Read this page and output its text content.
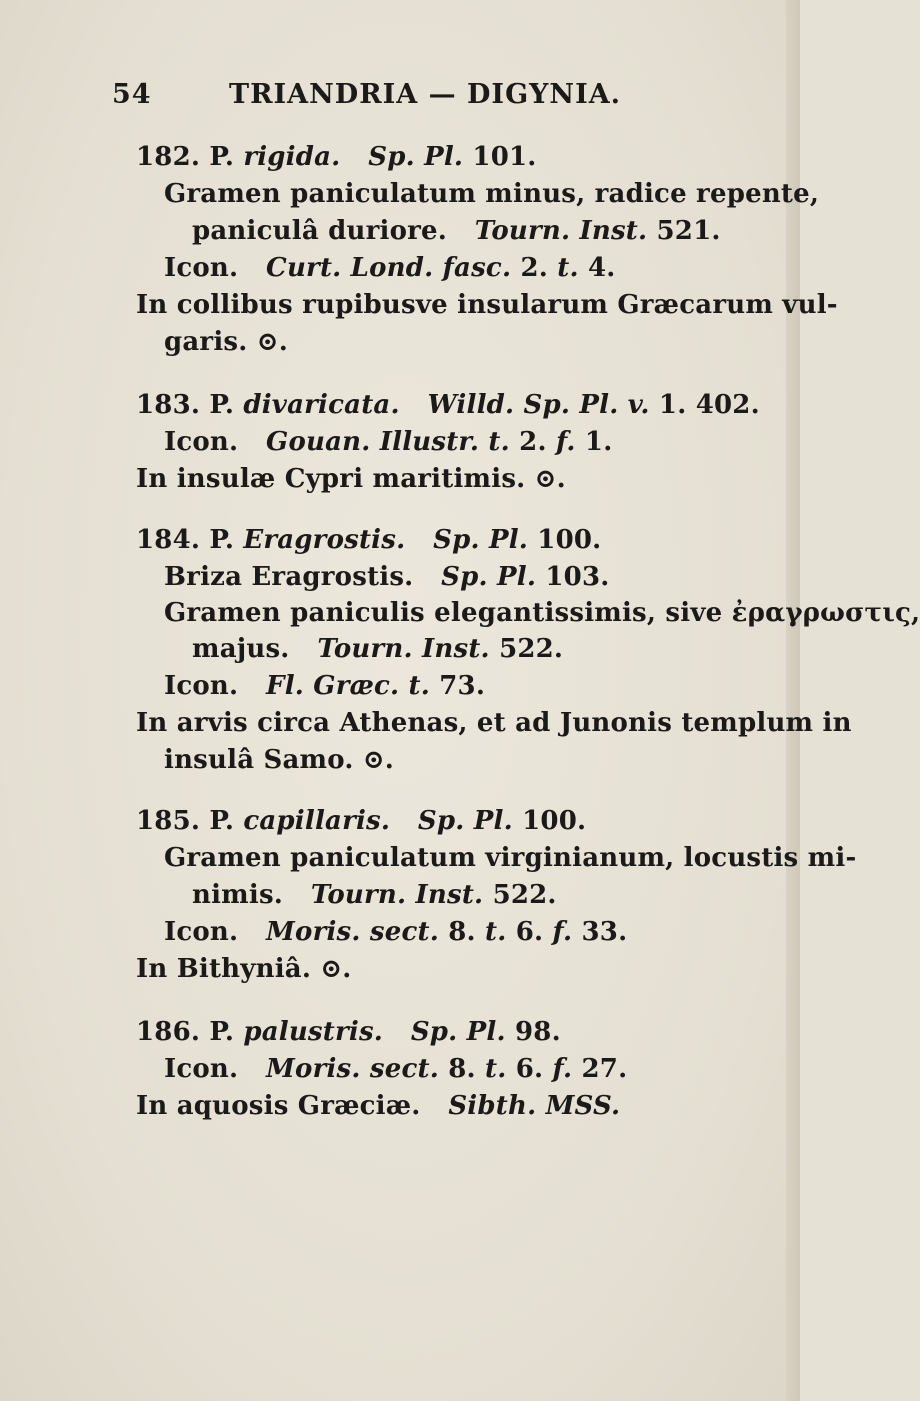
54	TRIANDRIA — DIGYNIA.
182. P. rigida. Sp. Pl. 101.
Gramen paniculatum minus, radice repente,
paniculâ duriore.   Tourn. Inst. 521.
Icon.   Curt. Lond. fasc. 2. t. 4.
In collibus rupibusve insularum Græcarum vul-
garis. ⊙.
183. P. divaricata. Willd. Sp. Pl. v. 1. 402.
Icon.   Gouan. Illustr. t. 2. f. 1.
In insulæ Cypri maritimis. ⊙.
184. P. Eragrostis. Sp. Pl. 100.
Briza Eragrostis.   Sp. Pl. 103.
Gramen paniculis elegantissimis, sive ἐραγρωστις,
majus.   Tourn. Inst. 522.
Icon.   Fl. Græc. t. 73.
In arvis circa Athenas, et ad Junonis templum in
insulâ Samo. ⊙.
185. P. capillaris. Sp. Pl. 100.
Gramen paniculatum virginianum, locustis mi-
nimis.   Tourn. Inst. 522.
Icon.   Moris. sect. 8. t. 6. f. 33.
In Bithyniâ. ⊙.
186. P. palustris. Sp. Pl. 98.
Icon.   Moris. sect. 8. t. 6. f. 27.
In aquosis Græciæ.   Sibth. MSS.
